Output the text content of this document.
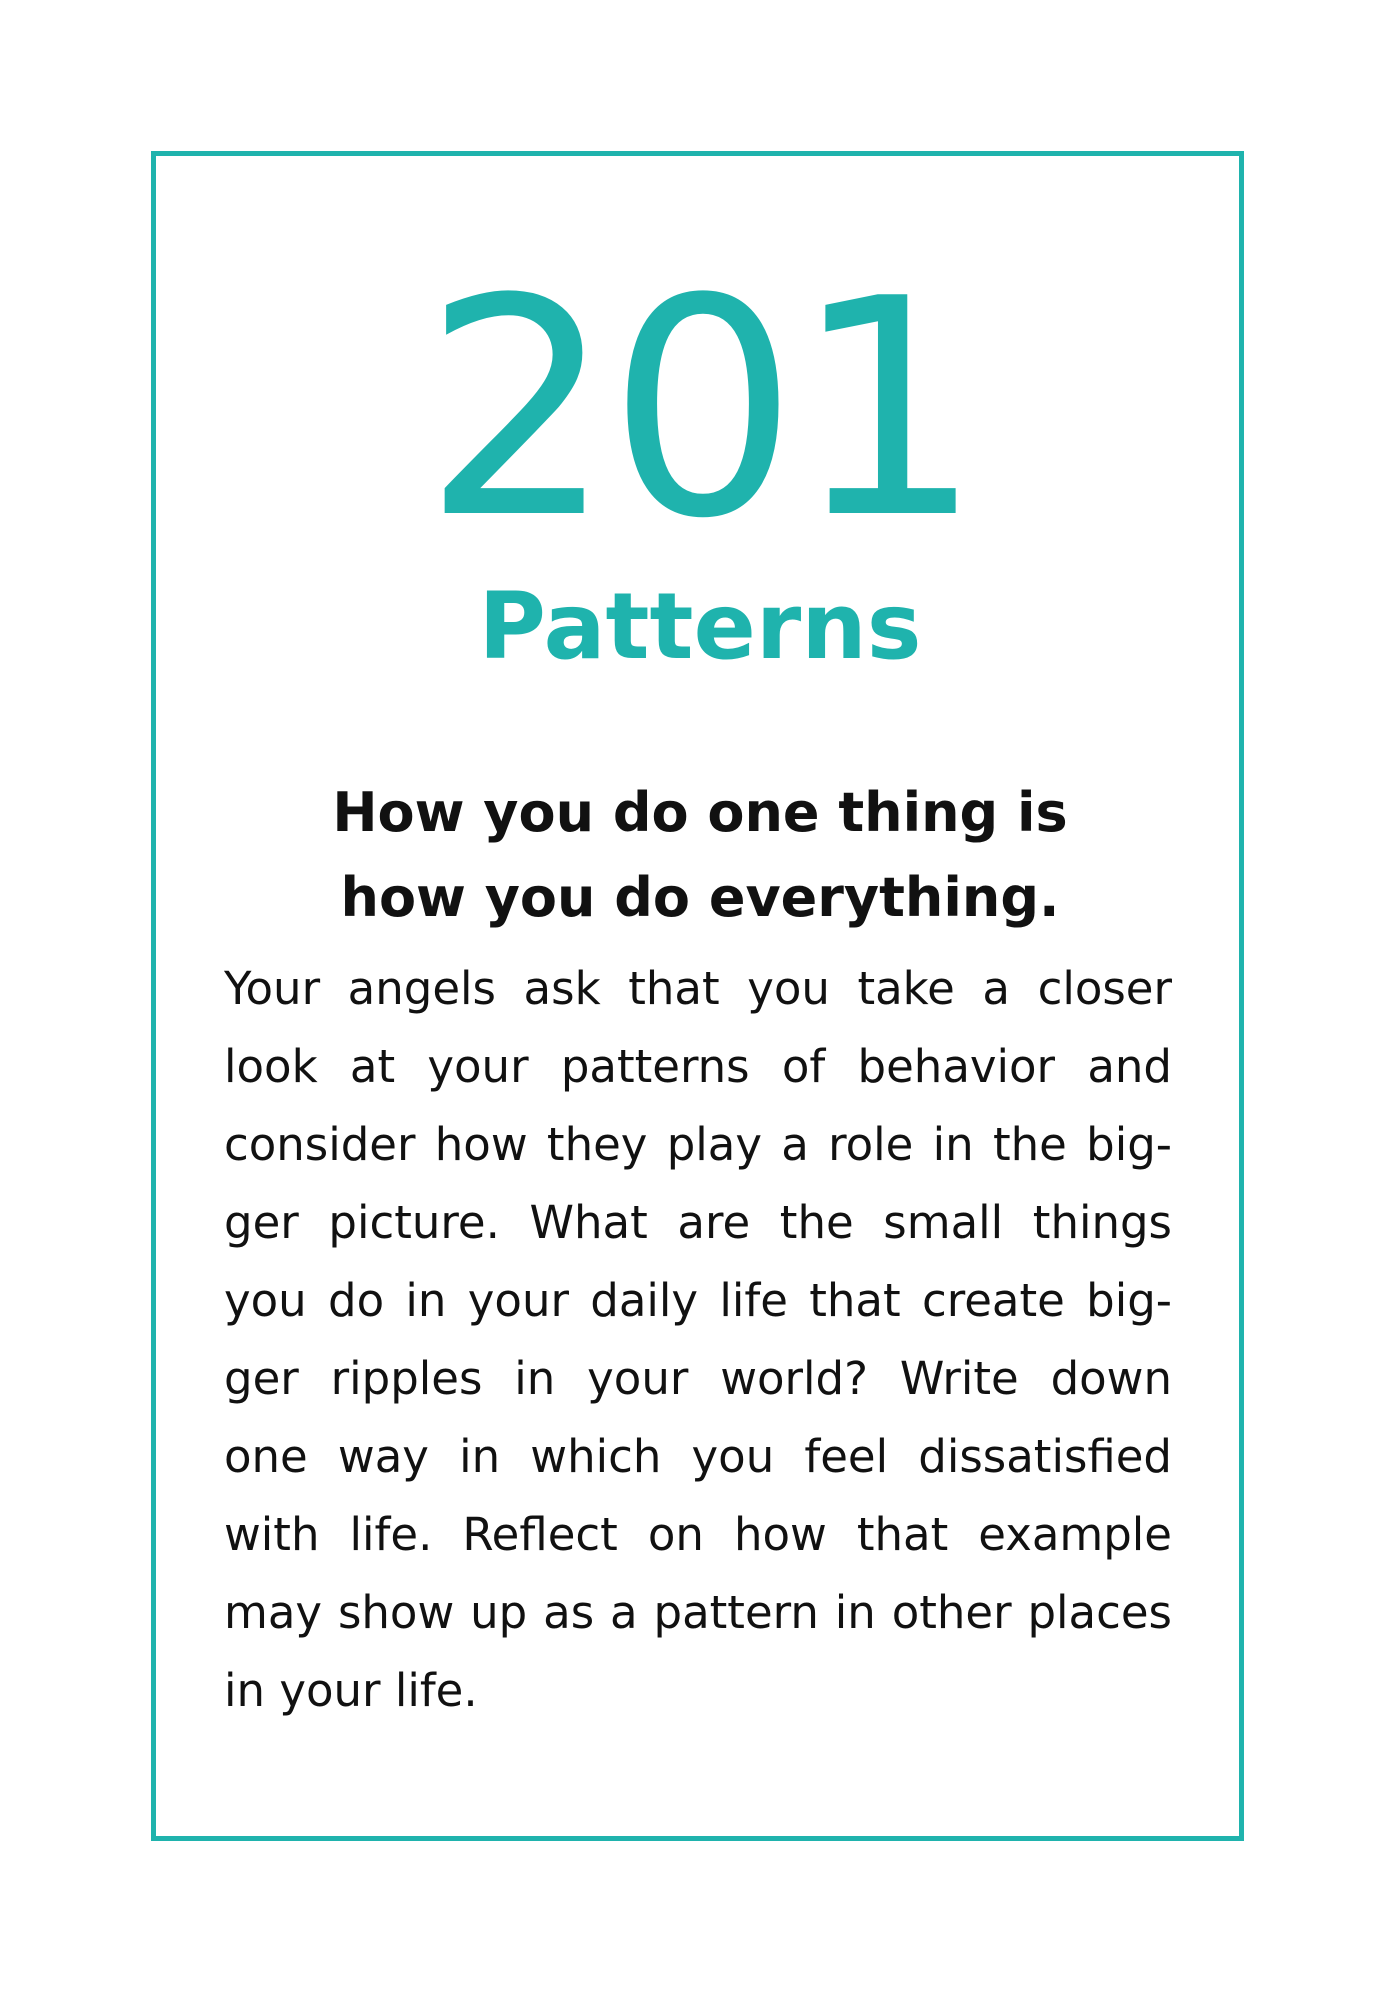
201
Patterns
How you do one thing is
how you do everything.
Your angels ask that you take a closer
look at your patterns of behavior and
consider how they play a role in the big-
ger picture. What are the small things
you do in your daily life that create big-
ger ripples in your world? Write down
one way in which you feel dissatisfied
with life. Reflect on how that example
may show up as a pattern in other places
in your life.
